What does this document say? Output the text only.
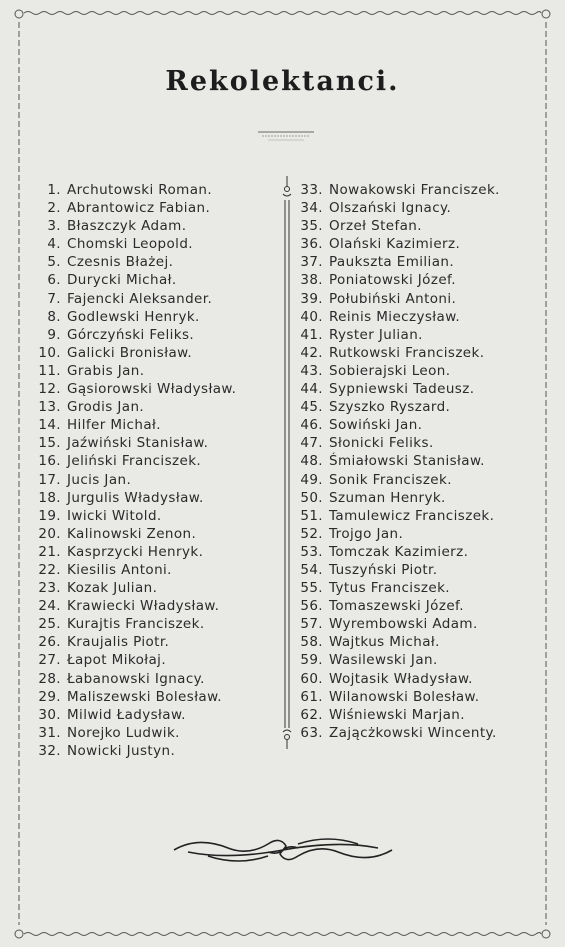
Rekolektanci.
1. Archutowski Roman.
2. Abrantowicz Fabian.
3. Błaszczyk Adam.
4. Chomski Leopold.
5. Czesnis Błażej.
6. Durycki Michał.
7. Fajencki Aleksander.
8. Godlewski Henryk.
9. Górczyński Feliks.
10. Galicki Bronisław.
11. Grabis Jan.
12. Gąsiorowski Władysław.
13. Grodis Jan.
14. Hilfer Michał.
15. Jaźwiński Stanisław.
16. Jeliński Franciszek.
17. Jucis Jan.
18. Jurgulis Władysław.
19. Iwicki Witold.
20. Kalinowski Zenon.
21. Kasprzycki Henryk.
22. Kiesilis Antoni.
23. Kozak Julian.
24. Krawiecki Władysław.
25. Kurajtis Franciszek.
26. Kraujalis Piotr.
27. Łapot Mikołaj.
28. Łabanowski Ignacy.
29. Maliszewski Bolesław.
30. Milwid Ładysław.
31. Norejko Ludwik.
32. Nowicki Justyn.
33. Nowakowski Franciszek.
34. Olszański Ignacy.
35. Orzeł Stefan.
36. Olański Kazimierz.
37. Pauksztа Emilian.
38. Poniatowski Józef.
39. Połubiński Antoni.
40. Reinis Mieczysław.
41. Ryster Julian.
42. Rutkowski Franciszek.
43. Sobierajski Leon.
44. Sypniewski Tadeusz.
45. Szyszko Ryszard.
46. Sowiński Jan.
47. Słonicki Feliks.
48. Śmiałowski Stanisław.
49. Sonik Franciszek.
50. Szuman Henryk.
51. Tamulewicz Franciszek.
52. Trojgo Jan.
53. Tomczak Kazimierz.
54. Tuszyński Piotr.
55. Tytus Franciszek.
56. Tomaszewski Józef.
57. Wyrembowski Adam.
58. Wajtkus Michał.
59. Wasilewski Jan.
60. Wojtasik Władysław.
61. Wilanowski Bolesław.
62. Wiśniewski Marjan.
63. Zającżkowski Wincenty.
